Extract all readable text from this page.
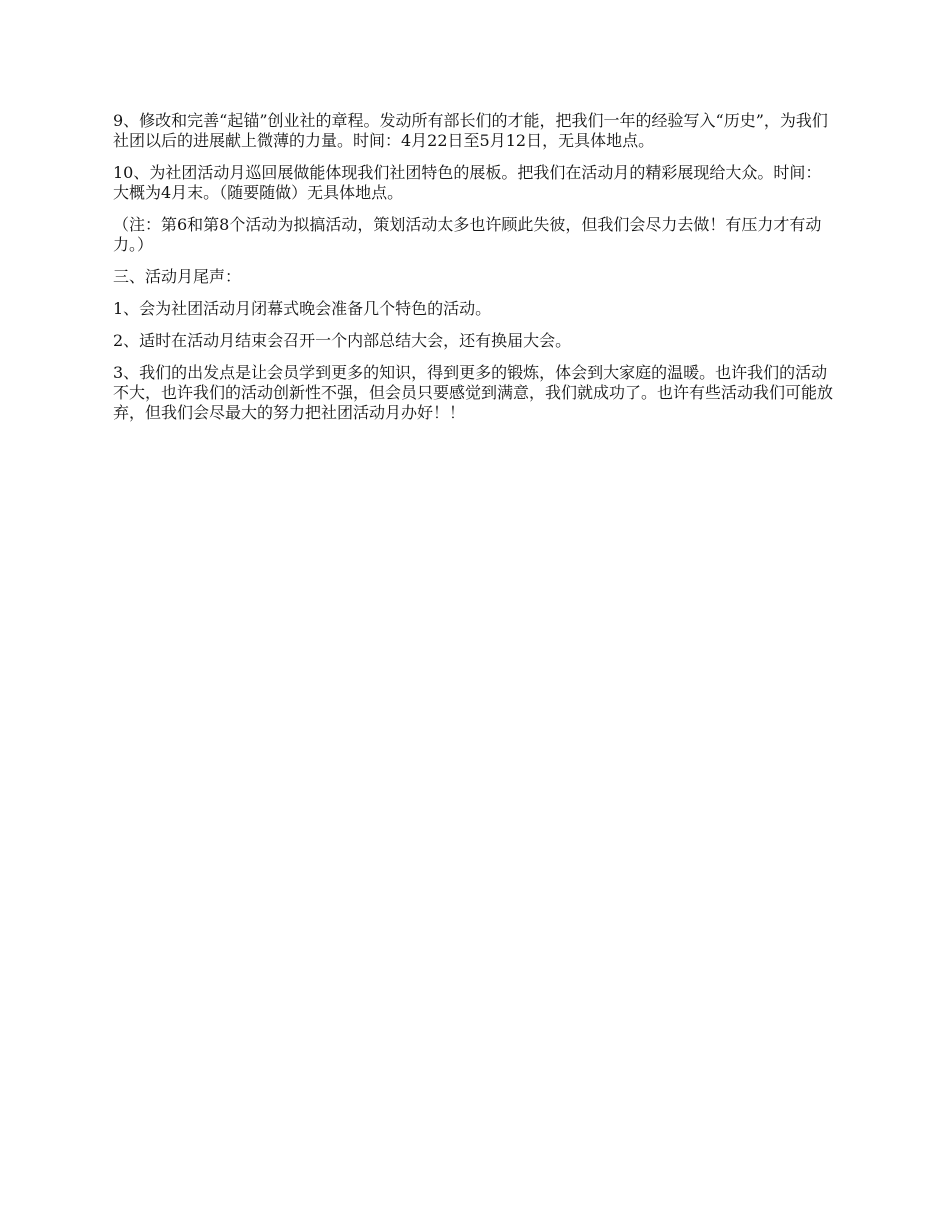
9、修改和完善“起锚”创业社的章程。发动所有部长们的才能，把我们一年的经验写入“历史”，为我们社团以后的进展献上微薄的力量。时间：4月22日至5月12日，无具体地点。

10、为社团活动月巡回展做能体现我们社团特色的展板。把我们在活动月的精彩展现给大众。时间：大概为4月末。（随要随做）无具体地点。

（注：第6和第8个活动为拟搞活动，策划活动太多也许顾此失彼，但我们会尽力去做！有压力才有动力。）

三、活动月尾声：

1、会为社团活动月闭幕式晚会准备几个特色的活动。

2、适时在活动月结束会召开一个内部总结大会，还有换届大会。

3、我们的出发点是让会员学到更多的知识，得到更多的锻炼，体会到大家庭的温暖。也许我们的活动不大，也许我们的活动创新性不强，但会员只要感觉到满意，我们就成功了。也许有些活动我们可能放弃，但我们会尽最大的努力把社团活动月办好！！
